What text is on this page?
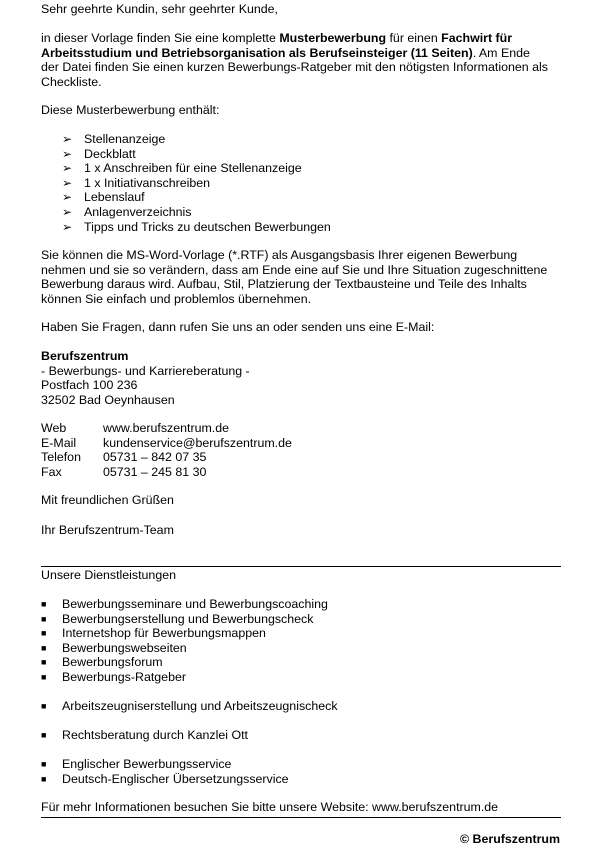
Sehr geehrte Kundin, sehr geehrter Kunde,
in dieser Vorlage finden Sie eine komplette Musterbewerbung für einen Fachwirt für
Arbeitsstudium und Betriebsorganisation als Berufseinsteiger (11 Seiten). Am Ende
der Datei finden Sie einen kurzen Bewerbungs-Ratgeber mit den nötigsten Informationen als
Checkliste.
Diese Musterbewerbung enthält:
➢ Stellenanzeige
➢ Deckblatt
➢ 1 x Anschreiben für eine Stellenanzeige
➢ 1 x Initiativanschreiben
➢ Lebenslauf
➢ Anlagenverzeichnis
➢ Tipps und Tricks zu deutschen Bewerbungen
Sie können die MS-Word-Vorlage (*.RTF) als Ausgangsbasis Ihrer eigenen Bewerbung
nehmen und sie so verändern, dass am Ende eine auf Sie und Ihre Situation zugeschnittene
Bewerbung daraus wird. Aufbau, Stil, Platzierung der Textbausteine und Teile des Inhalts
können Sie einfach und problemlos übernehmen.
Haben Sie Fragen, dann rufen Sie uns an oder senden uns eine E-Mail:
Berufszentrum
- Bewerbungs- und Karriereberatung -
Postfach 100 236
32502 Bad Oeynhausen
Web	www.berufszentrum.de
E-Mail kundenservice@berufszentrum.de
Telefon 05731 – 842 07 35
Fax	05731 – 245 81 30
Mit freundlichen Grüßen
Ihr Berufszentrum-Team
Unsere Dienstleistungen
■ Bewerbungsseminare und Bewerbungscoaching
■ Bewerbungserstellung und Bewerbungscheck
■ Internetshop für Bewerbungsmappen
■ Bewerbungswebseiten
■ Bewerbungsforum
■ Bewerbungs-Ratgeber
■ Arbeitszeugniserstellung und Arbeitszeugnischeck
■ Rechtsberatung durch Kanzlei Ott
■ Englischer Bewerbungsservice
■ Deutsch-Englischer Übersetzungsservice
Für mehr Informationen besuchen Sie bitte unsere Website: www.berufszentrum.de
© Berufszentrum
